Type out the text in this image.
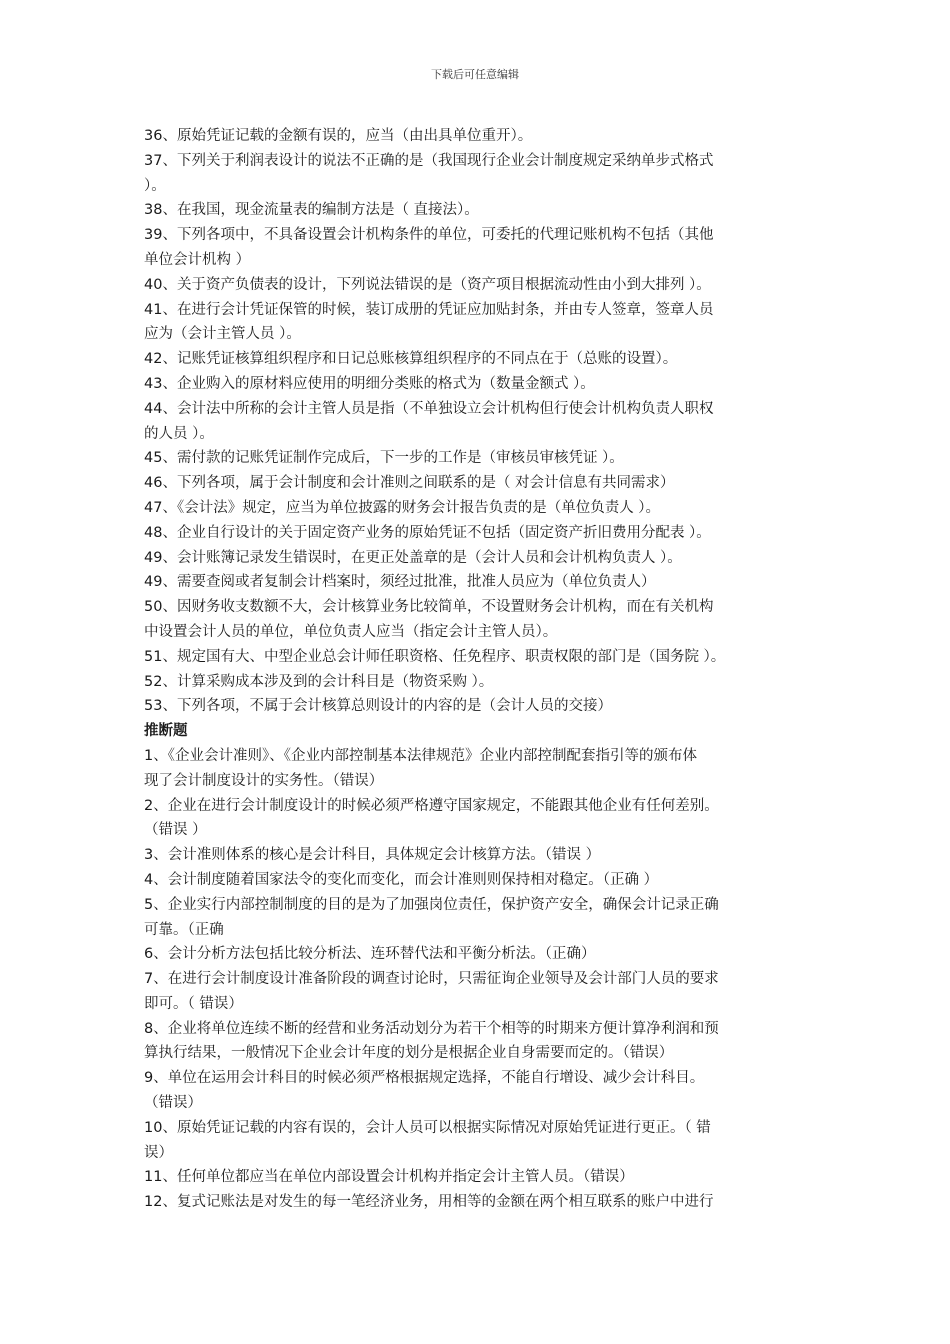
下载后可任意编辑
36、原始凭证记载的金额有误的，应当（由出具单位重开）。
37、下列关于利润表设计的说法不正确的是（我国现行企业会计制度规定采纳单步式格式
）。
38、在我国，现金流量表的编制方法是（ 直接法）。
39、下列各项中，不具备设置会计机构条件的单位，可委托的代理记账机构不包括（其他
单位会计机构 ）
40、关于资产负债表的设计，下列说法错误的是（资产项目根据流动性由小到大排列 ）。
41、在进行会计凭证保管的时候，装订成册的凭证应加贴封条，并由专人签章，签章人员
应为（会计主管人员 ）。
42、记账凭证核算组织程序和日记总账核算组织程序的不同点在于（总账的设置）。
43、企业购入的原材料应使用的明细分类账的格式为（数量金额式 ）。
44、会计法中所称的会计主管人员是指（不单独设立会计机构但行使会计机构负责人职权
的人员 ）。
45、需付款的记账凭证制作完成后，下一步的工作是（审核员审核凭证 ）。
46、下列各项，属于会计制度和会计准则之间联系的是（ 对会计信息有共同需求）
47、《会计法》规定，应当为单位披露的财务会计报告负责的是（单位负责人 ）。
48、企业自行设计的关于固定资产业务的原始凭证不包括（固定资产折旧费用分配表 ）。
49、会计账簿记录发生错误时，在更正处盖章的是（会计人员和会计机构负责人 ）。
49、需要查阅或者复制会计档案时，须经过批准，批准人员应为（单位负责人）
50、因财务收支数额不大，会计核算业务比较简单，不设置财务会计机构，而在有关机构
中设置会计人员的单位，单位负责人应当（指定会计主管人员）。
51、规定国有大、中型企业总会计师任职资格、任免程序、职责权限的部门是（国务院 ）。
52、计算采购成本涉及到的会计科目是（物资采购 ）。
53、下列各项，不属于会计核算总则设计的内容的是（会计人员的交接）
推断题
1、《企业会计准则》、《企业内部控制基本法律规范》企业内部控制配套指引等的颁布体
现了会计制度设计的实务性。（错误）
2、企业在进行会计制度设计的时候必须严格遵守国家规定，不能跟其他企业有任何差别。
（错误 ）
3、会计准则体系的核心是会计科目，具体规定会计核算方法。（错误 ）
4、会计制度随着国家法令的变化而变化，而会计准则则保持相对稳定。（正确 ）
5、企业实行内部控制制度的目的是为了加强岗位责任，保护资产安全，确保会计记录正确
可靠。（正确
6、会计分析方法包括比较分析法、连环替代法和平衡分析法。（正确）
7、在进行会计制度设计准备阶段的调查讨论时，只需征询企业领导及会计部门人员的要求
即可。（ 错误）
8、企业将单位连续不断的经营和业务活动划分为若干个相等的时期来方便计算净利润和预
算执行结果，一般情况下企业会计年度的划分是根据企业自身需要而定的。（错误）
9、单位在运用会计科目的时候必须严格根据规定选择，不能自行增设、减少会计科目。
（错误）
10、原始凭证记载的内容有误的，会计人员可以根据实际情况对原始凭证进行更正。（ 错
误）
11、任何单位都应当在单位内部设置会计机构并指定会计主管人员。（错误）
12、复式记账法是对发生的每一笔经济业务，用相等的金额在两个相互联系的账户中进行
